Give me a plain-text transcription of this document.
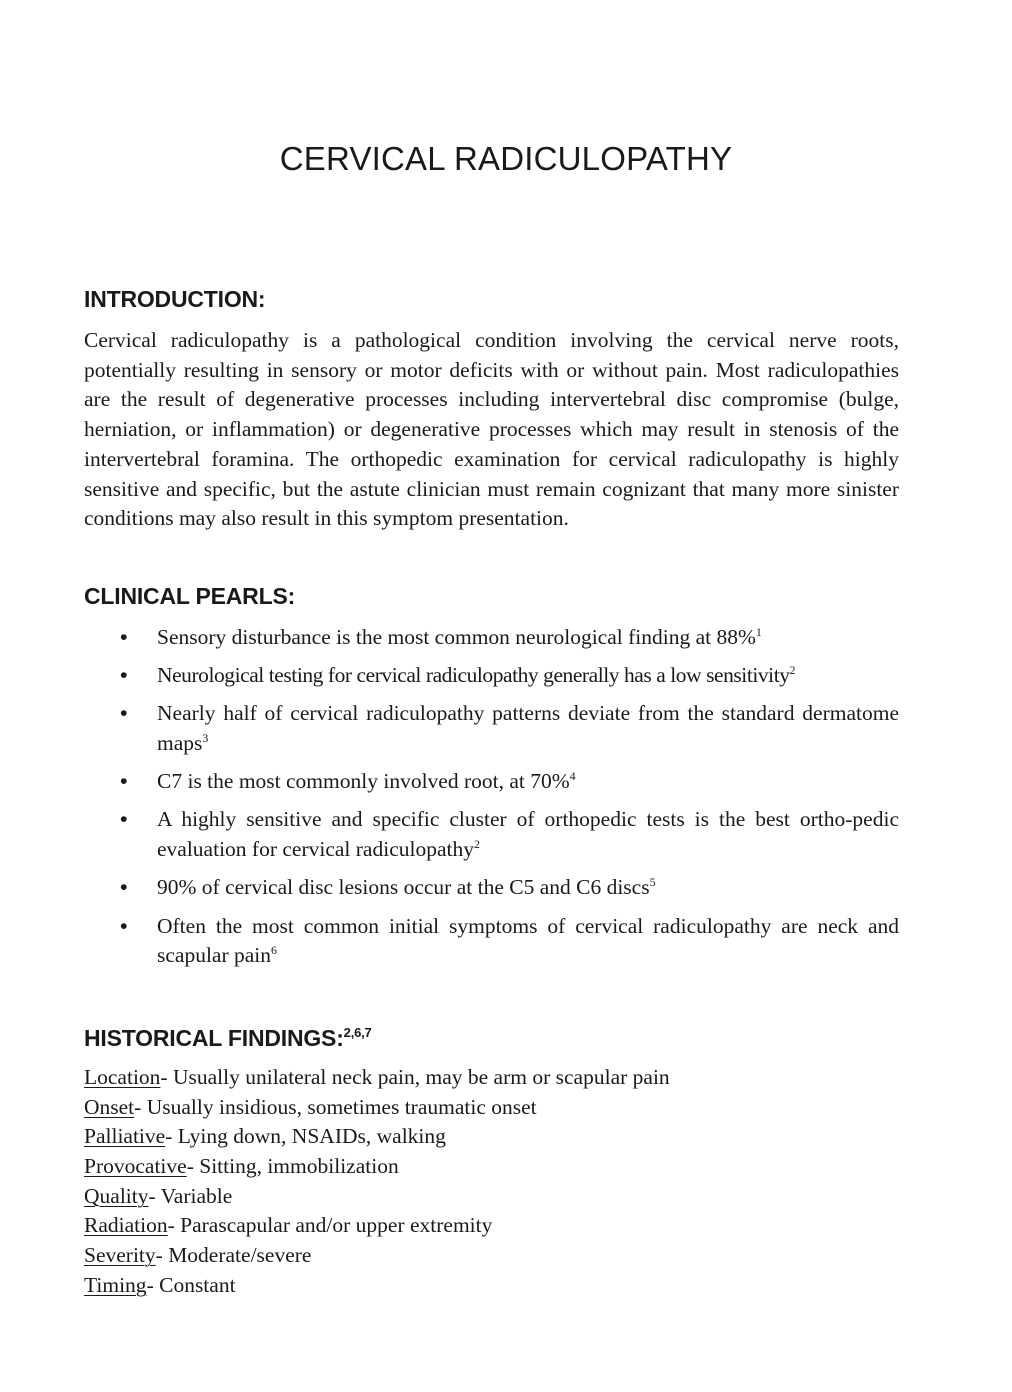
CERVICAL RADICULOPATHY
INTRODUCTION:

Cervical radiculopathy is a pathological condition involving the cervical nerve roots, potentially resulting in sensory or motor deficits with or without pain. Most radiculopathies are the result of degenerative processes including intervertebral disc compromise (bulge, herniation, or inflammation) or degenerative processes which may result in stenosis of the intervertebral foramina. The orthopedic examination for cervical radiculopathy is highly sensitive and specific, but the astute clinician must remain cognizant that many more sinister conditions may also result in this symptom presentation.

CLINICAL PEARLS:
• Sensory disturbance is the most common neurological finding at 88%$^1$
• Neurological testing for cervical radiculopathy generally has a low sensitivity$^2$
• Nearly half of cervical radiculopathy patterns deviate from the standard dermatome maps$^3$
• C7 is the most commonly involved root, at 70%$^4$
• A highly sensitive and specific cluster of orthopedic tests is the best ortho-pedic evaluation for cervical radiculopathy$^2$
• 90% of cervical disc lesions occur at the C5 and C6 discs$^5$
• Often the most common initial symptoms of cervical radiculopathy are neck and scapular pain$^6$
HISTORICAL FINDINGS:$^{2,6,7}$
Location- Usually unilateral neck pain, may be arm or scapular pain
Onset- Usually insidious, sometimes traumatic onset
Palliative- Lying down, NSAIDs, walking
Provocative- Sitting, immobilization
Quality- Variable
Radiation- Parascapular and/or upper extremity
Severity- Moderate/severe
Timing- Constant
